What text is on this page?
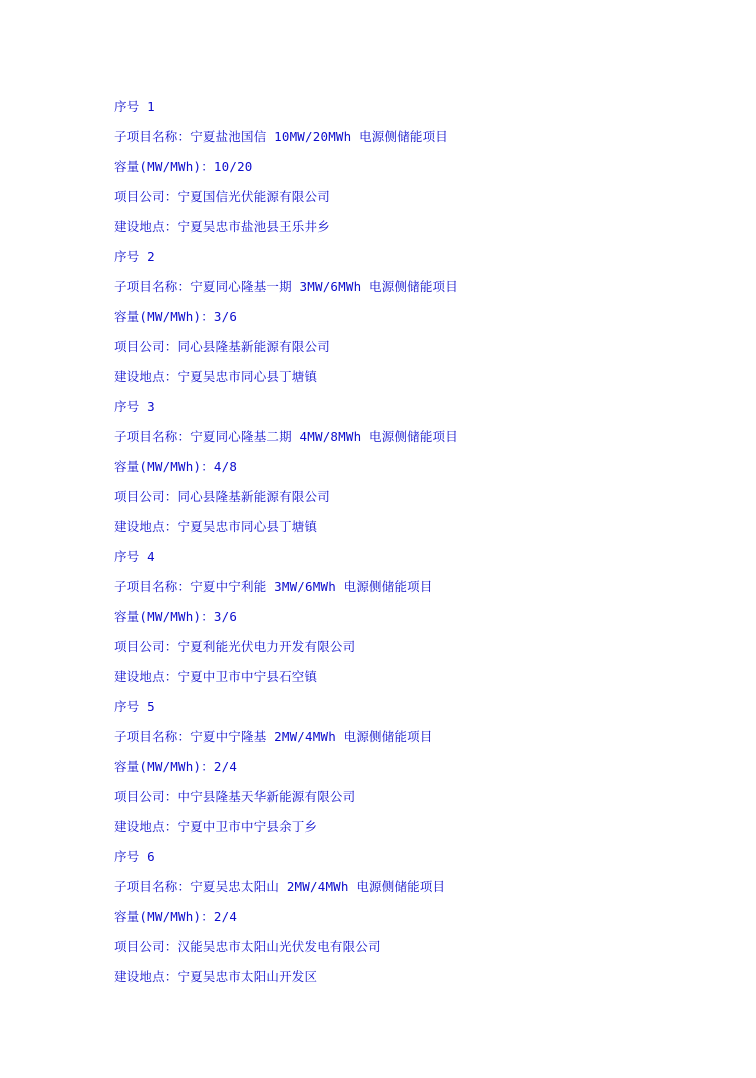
序号 1
子项目名称：宁夏盐池国信 10MW/20MWh 电源侧储能项目
容量(MW/MWh)：10/20
项目公司：宁夏国信光伏能源有限公司
建设地点：宁夏吴忠市盐池县王乐井乡
序号 2
子项目名称：宁夏同心隆基一期 3MW/6MWh 电源侧储能项目
容量(MW/MWh)：3/6
项目公司：同心县隆基新能源有限公司
建设地点：宁夏吴忠市同心县丁塘镇
序号 3
子项目名称：宁夏同心隆基二期 4MW/8MWh 电源侧储能项目
容量(MW/MWh)：4/8
项目公司：同心县隆基新能源有限公司
建设地点：宁夏吴忠市同心县丁塘镇
序号 4
子项目名称：宁夏中宁利能 3MW/6MWh 电源侧储能项目
容量(MW/MWh)：3/6
项目公司：宁夏利能光伏电力开发有限公司
建设地点：宁夏中卫市中宁县石空镇
序号 5
子项目名称：宁夏中宁隆基 2MW/4MWh 电源侧储能项目
容量(MW/MWh)：2/4
项目公司：中宁县隆基天华新能源有限公司
建设地点：宁夏中卫市中宁县余丁乡
序号 6
子项目名称：宁夏吴忠太阳山 2MW/4MWh 电源侧储能项目
容量(MW/MWh)：2/4
项目公司：汉能吴忠市太阳山光伏发电有限公司
建设地点：宁夏吴忠市太阳山开发区
